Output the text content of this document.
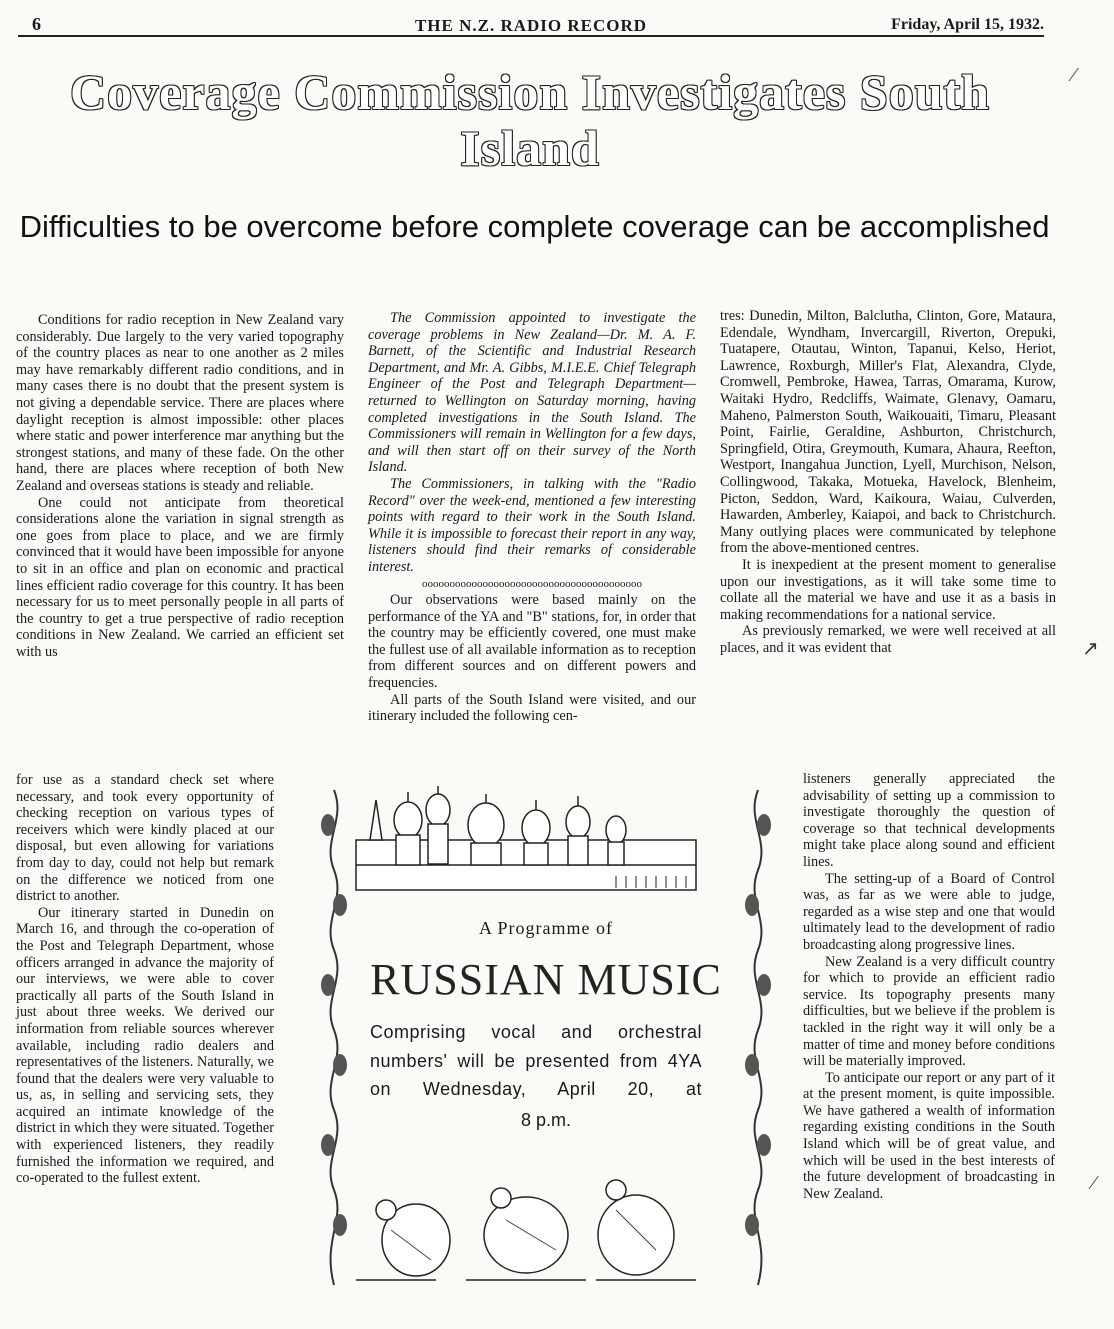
6	THE N.Z. RADIO RECORD	Friday, April 15, 1932.
Coverage Commission Investigates South Island
Difficulties to be overcome before complete coverage can be accomplished

Conditions for radio reception in New Zealand vary considerably. Due largely to the very varied topography of the country places as near to one another as 2 miles may have remarkably different radio conditions, and in many cases there is no doubt that the present system is not giving a dependable service. There are places where daylight reception is almost impossible: other places where static and power interference mar anything but the strongest stations, and many of these fade. On the other hand, there are places where reception of both New Zealand and overseas stations is steady and reliable.

One could not anticipate from theoretical considerations alone the variation in signal strength as one goes from place to place, and we are firmly convinced that it would have been impossible for anyone to sit in an office and plan on economic and practical lines efficient radio coverage for this country. It has been necessary for us to meet personally people in all parts of the country to get a true perspective of radio reception conditions in New Zealand. We carried an efficient set with us

for use as a standard check set where necessary, and took every opportunity of checking reception on various types of receivers which were kindly placed at our disposal, but even allowing for variations from day to day, could not help but remark on the difference we noticed from one district to another.

Our itinerary started in Dunedin on March 16, and through the co-operation of the Post and Telegraph Department, whose officers arranged in advance the majority of our interviews, we were able to cover practically all parts of the South Island in just about three weeks. We derived our information from reliable sources wherever available, including radio dealers and representatives of the listeners. Naturally, we found that the dealers were very valuable to us, as, in selling and servicing sets, they acquired an intimate knowledge of the district in which they were situated. Together with experienced listeners, they readily furnished the information we required, and co-operated to the fullest extent.

The Commission appointed to investigate the coverage problems in New Zealand—Dr. M. A. F. Barnett, of the Scientific and Industrial Research Department, and Mr. A. Gibbs, M.I.E.E. Chief Telegraph Engineer of the Post and Telegraph Department—returned to Wellington on Saturday morning, having completed investigations in the South Island. The Commissioners will remain in Wellington for a few days, and will then start off on their survey of the North Island.

The Commissioners, in talking with the "Radio Record" over the week-end, mentioned a few interesting points with regard to their work in the South Island. While it is impossible to forecast their report in any way, listeners should find their remarks of considerable interest.

oooooooooooooooooooooooooooooooooooooooo

Our observations were based mainly on the performance of the YA and "B" stations, for, in order that the country may be efficiently covered, one must make the fullest use of all available information as to reception from different sources and on different powers and frequencies.

All parts of the South Island were visited, and our itinerary included the following cen-

tres: Dunedin, Milton, Balclutha, Clinton, Gore, Mataura, Edendale, Wyndham, Invercargill, Riverton, Orepuki, Tuatapere, Otautau, Winton, Tapanui, Kelso, Heriot, Lawrence, Roxburgh, Miller's Flat, Alexandra, Clyde, Cromwell, Pembroke, Hawea, Tarras, Omarama, Kurow, Waitaki Hydro, Redcliffs, Waimate, Glenavy, Oamaru, Maheno, Palmerston South, Waikouaiti, Timaru, Pleasant Point, Fairlie, Geraldine, Ashburton, Christchurch, Springfield, Otira, Greymouth, Kumara, Ahaura, Reefton, Westport, Inangahua Junction, Lyell, Murchison, Nelson, Collingwood, Takaka, Motueka, Havelock, Blenheim, Picton, Seddon, Ward, Kaikoura, Waiau, Culverden, Hawarden, Amberley, Kaiapoi, and back to Christchurch. Many outlying places were communicated by telephone from the above-mentioned centres.

It is inexpedient at the present moment to generalise upon our investigations, as it will take some time to collate all the material we have and use it as a basis in making recommendations for a national service.

As previously remarked, we were well received at all places, and it was evident that

listeners generally appreciated the advisability of setting up a commission to investigate thoroughly the question of coverage so that technical developments might take place along sound and efficient lines.

The setting-up of a Board of Control was, as far as we were able to judge, regarded as a wise step and one that would ultimately lead to the development of radio broadcasting along progressive lines.

New Zealand is a very difficult country for which to provide an efficient radio service. Its topography presents many difficulties, but we believe if the problem is tackled in the right way it will only be a matter of time and money before conditions will be materially improved.

To anticipate our report or any part of it at the present moment, is quite impossible. We have gathered a wealth of information regarding existing conditions in the South Island which will be of great value, and which will be used in the best interests of the future development of broadcasting in New Zealand.

A Programme of
RUSSIAN MUSIC
Comprising vocal and orchestral numbers' will be presented from 4YA on Wednesday, April 20, at
8 p.m.
⁄
↗
⁄
